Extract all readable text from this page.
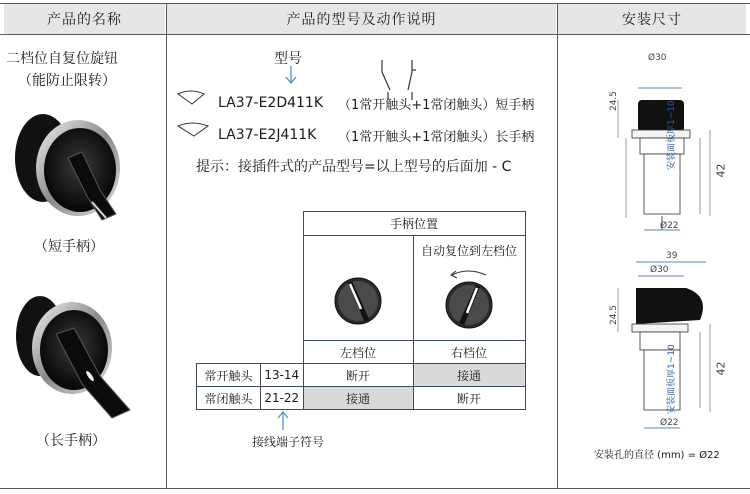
产品的名称	产品的型号及动作说明	安装尺寸
二档位自复位旋钮
（能防止限转）
（短手柄）
（长手柄）
型号
LA37-E2D411K （1常开触头+1常闭触头）短手柄
LA37-E2J411K （1常开触头+1常闭触头）长手柄
提示：接插件式的产品型号=以上型号的后面加 - C
		手柄位置	

自动复位到左档位

		左档位	右档位
常开触头	13-14	断开	接通
常闭触头	21-22	接通	断开
接线端子符号
Ø30
24.5	安装面板厚1~10
42
Ø22
39
Ø30
24.5
安装面板厚1~10	42
Ø22
安装孔的直径 (mm) = Ø22
